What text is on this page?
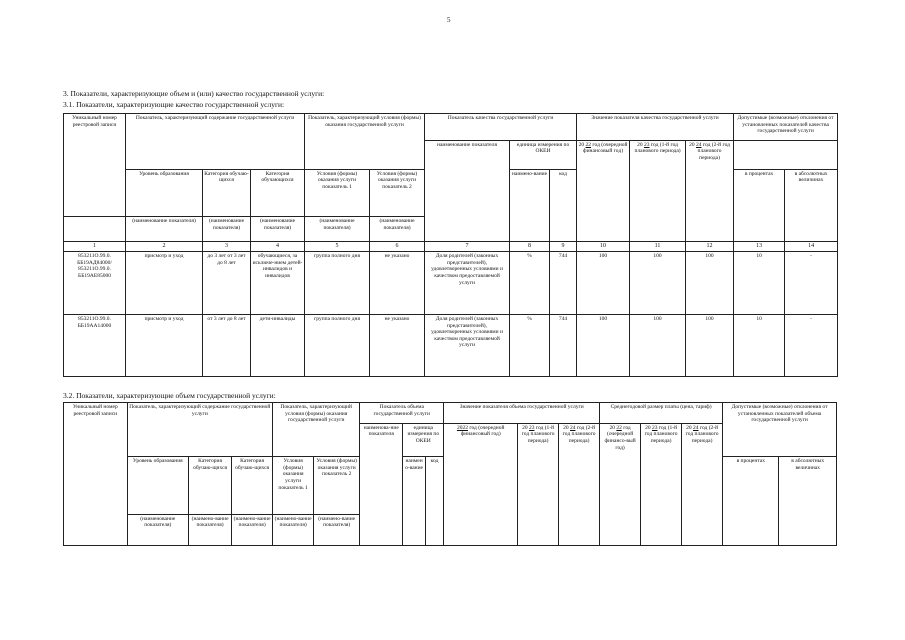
5
3. Показатели, характеризующие объем и (или) качество государственной услуги:
3.1. Показатели, характеризующие качество государственной услуги:
Уникальный номер реестровой записи	Показатель, характеризующий содержание государственной услуги			Показатель, характеризующий условия (формы) оказания государственной услуги		Показатель качества государственной услуги			Значение показателя качества государственной услуги			Допустимые (возможные) отклонения от установленных показателей качества государственной услуги	
						наименование показателя	единица измерения по ОКЕИ		20 22 год (очередной финансовый год)	20 23 год (1-й год планового периода)	20 24 год (2-й год планового периода)		
	Уровень образования	Категория обучаю-щихся	Категория обучающихся	Условия (формы) оказания услуги показатель 1	Условия (формы) оказания услуги показатель 2		наимено-вание	код				в процентах	в абсолютных величинах
	(наименование показателя)	(наименование показателя)	(наименование показателя)	(наименование показателя)	(наименование показателя)								
1	2	3	4	5	6	7	8	9	10	11	12	13	14
853211О.99.0. ББ19АД84000/ 853211О.99.0. ББ19АЕ85000	присмотр и уход	до 3 лет от 3 лет до 8 лет	обучающиеся, за исключе-нием детей-инвалидов и инвалидов	группа полного дня	не указано	Доля родителей (законных представителей), удовлетворенных условиями и качеством предоставляемой услуги	%	744	100	100	100	10	-
853211О.99.0. ББ19АА14000	присмотр и уход	от 3 лет до 8 лет	дети-инвалиды	группа полного дня	не указано	Доля родителей (законных представителей), удовлетворенных условиями и качеством предоставляемой услуги	%	744	100	100	100	10	-
3.2. Показатели, характеризующие объем государственной услуги:
Уникальный номер реестровой записи	Показатель, характеризующий содержание государственной услуги			Показатель, характеризующий условия (формы) оказания государственной услуги		Показатель объема государственной услуги			Значение показателя объема государственной услуги			Среднегодовой размер платы (цена, тариф)			Допустимые (возможные) отклонения от установленных показателей объема государственной услуги	
						наименова-ние показателя	единица измерения по ОКЕИ		2022 год (очередной финансовый год)	20 23 год (1-й год планового периода)	20 24 год (2-й год планового периода)	20 22 год (очередной финансо-вый год)	20 23 год (1-й год планового периода)	20 24 год (2-й год планового периода)		
	Уровень образования	Категория обучаю-щихся	Категория обучаю-щихся	Условия (формы) оказания услуги показатель 1	Условия (формы) оказания услуги показатель 2		наимено-вание	код							в процентах	в абсолютных величинах
	(наименование показателя)	(наимено-вание показателя)	(наимено-вание показателя)	(наимено-вание показателя)	(наимено-вание показателя)											
